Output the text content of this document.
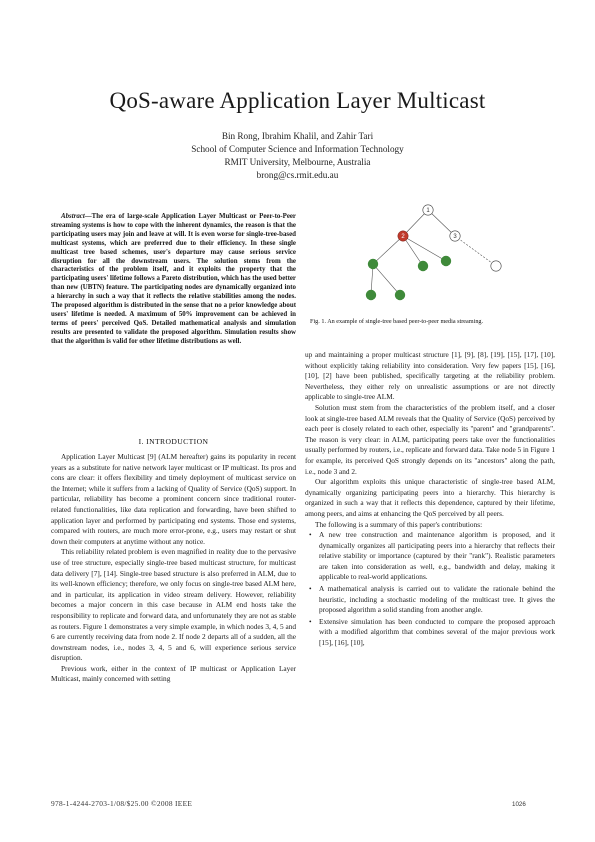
QoS-aware Application Layer Multicast
Bin Rong, Ibrahim Khalil, and Zahir Tari
School of Computer Science and Information Technology
RMIT University, Melbourne, Australia
brong@cs.rmit.edu.au

Abstract—The era of large-scale Application Layer Multicast or Peer-to-Peer streaming systems is how to cope with the inherent dynamics, the reason is that the participating users may join and leave at will. It is even worse for single-tree-based multicast systems, which are preferred due to their efficiency. In these single multicast tree based schemes, user's departure may cause serious service disruption for all the downstream users. The solution stems from the characteristics of the problem itself, and it exploits the property that the participating users' lifetime follows a Pareto distribution, which has the used better than new (UBTN) feature. The participating nodes are dynamically organized into a hierarchy in such a way that it reflects the relative stabilities among the nodes. The proposed algorithm is distributed in the sense that no a prior knowledge about users' lifetime is needed. A maximum of 50% improvement can be achieved in terms of peers' perceived QoS. Detailed mathematical analysis and simulation results are presented to validate the proposed algorithm. Simulation results show that the algorithm is valid for other lifetime distributions as well.

I. INTRODUCTION

Application Layer Multicast [9] (ALM hereafter) gains its popularity in recent years as a substitute for native network layer multicast or IP multicast. Its pros and cons are clear: it offers flexibility and timely deployment of multicast service on the Internet; while it suffers from a lacking of Quality of Service (QoS) support. In particular, reliability has become a prominent concern since traditional router-related functionalities, like data replication and forwarding, have been shifted to application layer and performed by participating end systems. Those end systems, compared with routers, are much more error-prone, e.g., users may restart or shut down their computers at anytime without any notice.

This reliability related problem is even magnified in reality due to the pervasive use of tree structure, especially single-tree based multicast structure, for multicast data delivery [7], [14]. Single-tree based structure is also preferred in ALM, due to its well-known efficiency; therefore, we only focus on single-tree based ALM here, and in particular, its application in video stream delivery. However, reliability becomes a major concern in this case because in ALM end hosts take the responsibility to replicate and forward data, and unfortunately they are not as stable as routers. Figure 1 demonstrates a very simple example, in which nodes 3, 4, 5 and 6 are currently receiving data from node 2. If node 2 departs all of a sudden, all the downstream nodes, i.e., nodes 3, 4, 5 and 6, will experience serious service disruption.

Previous work, either in the context of IP multicast or Application Layer Multicast, mainly concerned with setting

1
2	3
Fig. 1. An example of single-tree based peer-to-peer media streaming.

up and maintaining a proper multicast structure [1], [9], [8], [19], [15], [17], [10], without explicitly taking reliability into consideration. Very few papers [15], [16], [10], [2] have been published, specifically targeting at the reliability problem. Nevertheless, they either rely on unrealistic assumptions or are not directly applicable to single-tree ALM.

Solution must stem from the characteristics of the problem itself, and a closer look at single-tree based ALM reveals that the Quality of Service (QoS) perceived by each peer is closely related to each other, especially its "parent" and "grandparents". The reason is very clear: in ALM, participating peers take over the functionalities usually performed by routers, i.e., replicate and forward data. Take node 5 in Figure 1 for example, its perceived QoS strongly depends on its "ancestors" along the path, i.e., node 3 and 2.

Our algorithm exploits this unique characteristic of single-tree based ALM, dynamically organizing participating peers into a hierarchy. This hierarchy is organized in such a way that it reflects this dependence, captured by their lifetime, among peers, and aims at enhancing the QoS perceived by all peers.

The following is a summary of this paper's contributions:

• A new tree construction and maintenance algorithm is proposed, and it dynamically organizes all participating peers into a hierarchy that reflects their relative stability or importance (captured by their "rank"). Realistic parameters are taken into consideration as well, e.g., bandwidth and delay, making it applicable to real-world applications.
• A mathematical analysis is carried out to validate the rationale behind the heuristic, including a stochastic modeling of the multicast tree. It gives the proposed algorithm a solid standing from another angle.
• Extensive simulation has been conducted to compare the proposed approach with a modified algorithm that combines several of the major previous work [15], [16], [10],
978-1-4244-2703-1/08/$25.00 ©2008 IEEE	1026
